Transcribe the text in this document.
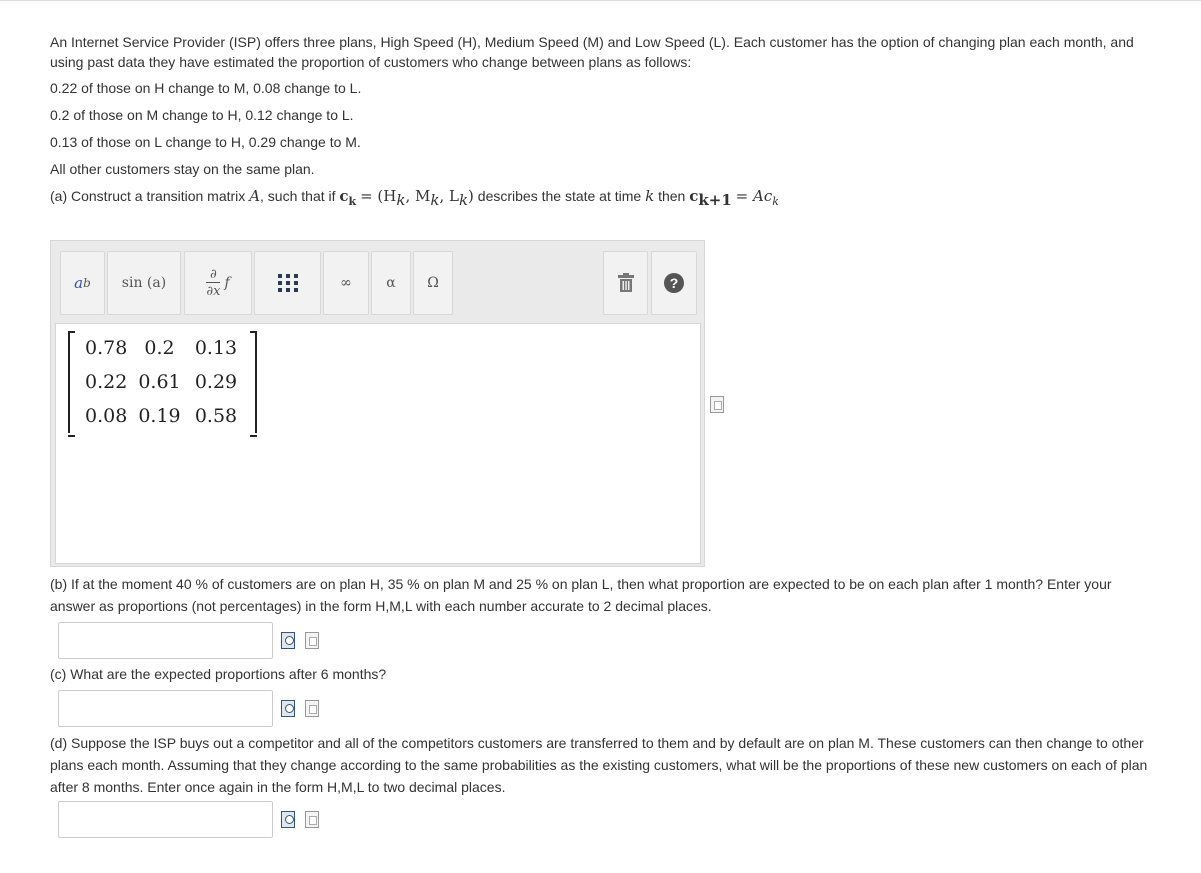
An Internet Service Provider (ISP) offers three plans, High Speed (H), Medium Speed (M) and Low Speed (L). Each customer has the option of changing plan each month, and using past data they have estimated the proportion of customers who change between plans as follows:

0.22 of those on H change to M, 0.08 change to L.

0.2 of those on M change to H, 0.12 change to L.

0.13 of those on L change to H, 0.29 change to M.

All other customers stay on the same plan.

(a) Construct a transition matrix A, such that if $c_k = (H_k$, $M_k$, $L_k$) describes the state at time k then $c_{k+1} = Ac_k$

a b sin (a)
∂
∂x
f	∞ α Ω	?
0.78 0.2	0.13
0.22 0.61 0.29
0.08 0.19 0.58
(b) If at the moment 40 % of customers are on plan H, 35 % on plan M and 25 % on plan L, then what proportion are expected to be on each plan after 1 month? Enter your answer as proportions (not percentages) in the form H,M,L with each number accurate to 2 decimal places.
(c) What are the expected proportions after 6 months?
(d) Suppose the ISP buys out a competitor and all of the competitors customers are transferred to them and by default are on plan M. These customers can then change to other plans each month. Assuming that they change according to the same probabilities as the existing customers, what will be the proportions of these new customers on each of plan after 8 months. Enter once again in the form H,M,L to two decimal places.
